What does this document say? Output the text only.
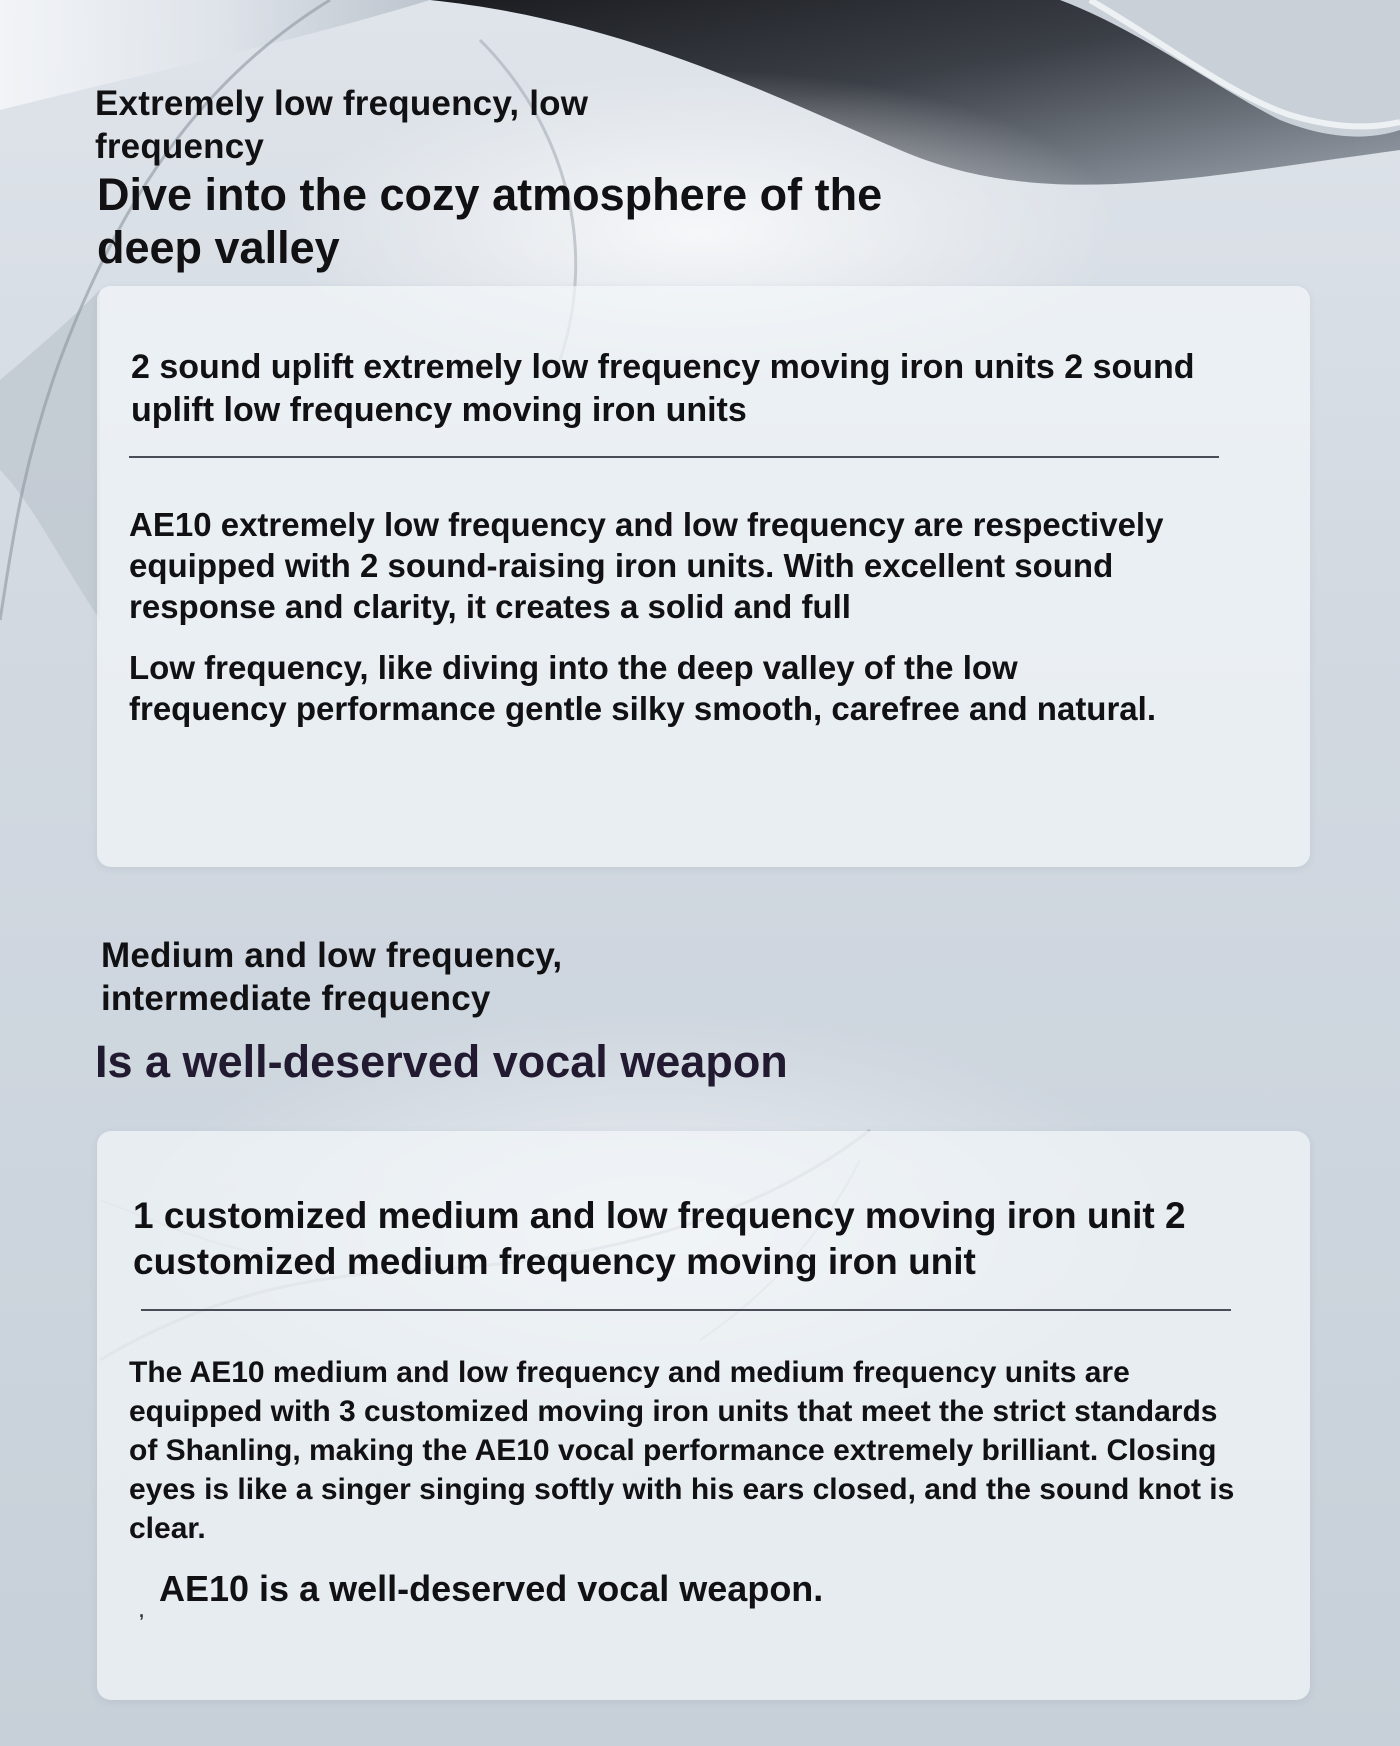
Extremely low frequency, low frequency

Dive into the cozy atmosphere of the deep valley

2 sound uplift extremely low frequency moving iron units 2 sound uplift low frequency moving iron units

AE10 extremely low frequency and low frequency are respectively equipped with 2 sound-raising iron units. With excellent sound response and clarity, it creates a solid and full

Low frequency, like diving into the deep valley of the low frequency performance gentle silky smooth, carefree and natural.

Medium and low frequency, intermediate frequency

Is a well-deserved vocal weapon

1 customized medium and low frequency moving iron unit 2 customized medium frequency moving iron unit

The AE10 medium and low frequency and medium frequency units are equipped with 3 customized moving iron units that meet the strict standards of Shanling, making the AE10 vocal performance extremely brilliant. Closing eyes is like a singer singing softly with his ears closed, and the sound knot is clear.

,

AE10 is a well-deserved vocal weapon.
